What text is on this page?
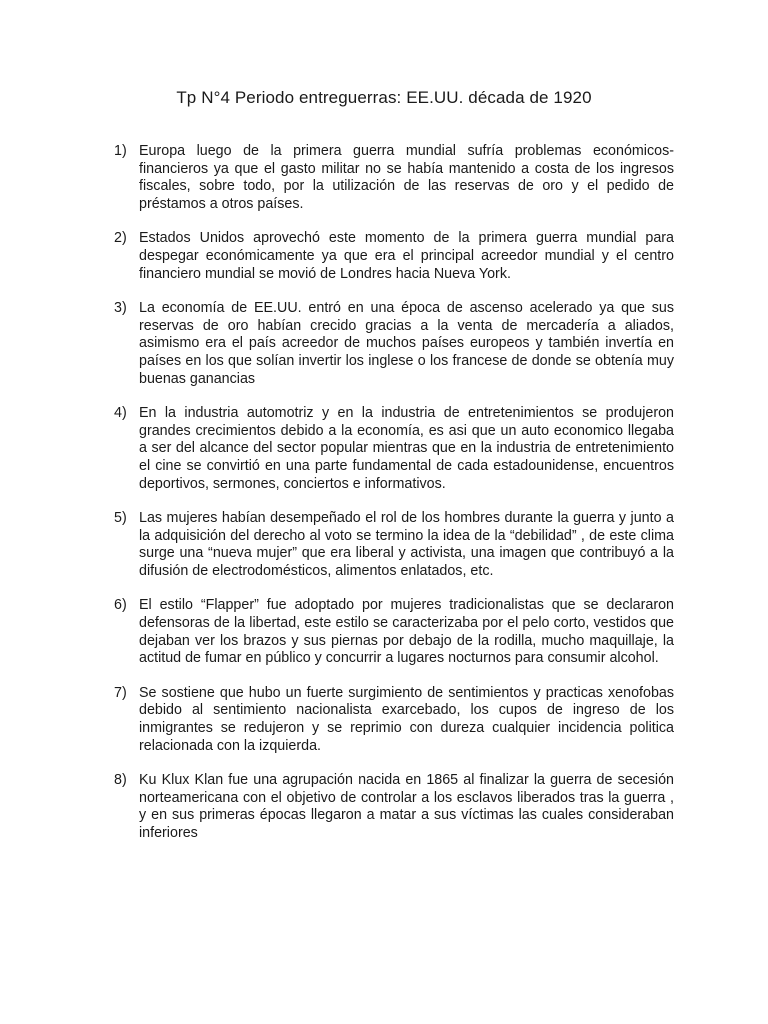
Tp N°4 Periodo entreguerras: EE.UU. década de 1920
1) Europa luego de la primera guerra mundial sufría problemas económicos-financieros ya que el gasto militar no se había mantenido a costa de los ingresos fiscales, sobre todo, por la utilización de las reservas de oro y el pedido de préstamos a otros países.
2) Estados Unidos aprovechó este momento de la primera guerra mundial para despegar económicamente ya que era el principal acreedor mundial y el centro financiero mundial se movió de Londres hacia Nueva York.
3) La economía de EE.UU. entró en una época de ascenso acelerado ya que sus reservas de oro habían crecido gracias a la venta de mercadería a aliados, asimismo era el país acreedor de muchos países europeos y también invertía en países en los que solían invertir los inglese o los francese de donde se obtenía muy buenas ganancias
4) En la industria automotriz y en la industria de entretenimientos se produjeron grandes crecimientos debido a la economía, es asi que un auto economico llegaba a ser del alcance del sector popular mientras que en la industria de entretenimiento el cine se convirtió en una parte fundamental de cada estadounidense, encuentros deportivos, sermones, conciertos e informativos.
5) Las mujeres habían desempeñado el rol de los hombres durante la guerra y junto a la adquisición del derecho al voto se termino la idea de la “debilidad” , de este clima surge una “nueva mujer” que era liberal y activista, una imagen que contribuyó a la difusión de electrodomésticos, alimentos enlatados, etc.
6) El estilo “Flapper” fue adoptado por mujeres tradicionalistas que se declararon defensoras de la libertad, este estilo se caracterizaba por el pelo corto, vestidos que dejaban ver los brazos y sus piernas por debajo de la rodilla, mucho maquillaje, la actitud de fumar en público y concurrir a lugares nocturnos para consumir alcohol.
7) Se sostiene que hubo un fuerte surgimiento de sentimientos y practicas xenofobas debido al sentimiento nacionalista exarcebado, los cupos de ingreso de los inmigrantes se redujeron y se reprimio con dureza cualquier incidencia politica relacionada con la izquierda.
8) Ku Klux Klan fue una agrupación nacida en 1865 al finalizar la guerra de secesión norteamericana con el objetivo de controlar a los esclavos liberados tras la guerra , y en sus primeras épocas llegaron a matar a sus víctimas las cuales consideraban inferiores
